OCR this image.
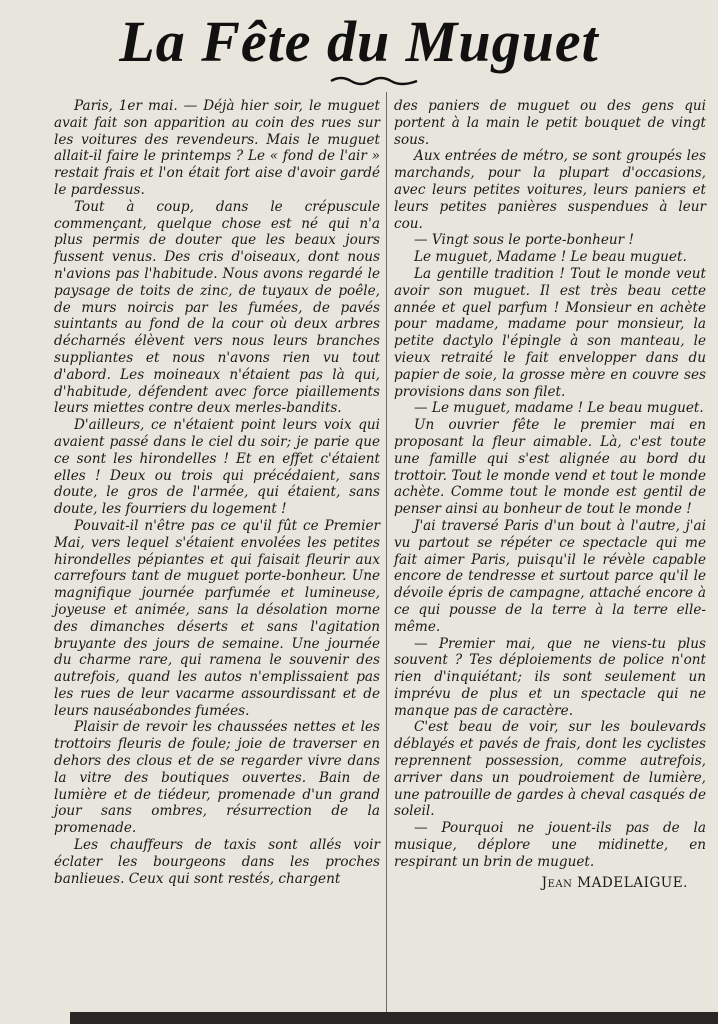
La Fête du Muguet

Paris, 1er mai. — Déjà hier soir, le muguet avait fait son apparition au coin des rues sur les voitures des revendeurs. Mais le muguet allait-il faire le printemps ? Le « fond de l'air » restait frais et l'on était fort aise d'avoir gardé le pardessus.

Tout à coup, dans le crépuscule commençant, quelque chose est né qui n'a plus permis de douter que les beaux jours fussent venus. Des cris d'oiseaux, dont nous n'avions pas l'habitude. Nous avons regardé le paysage de toits de zinc, de tuyaux de poêle, de murs noircis par les fumées, de pavés suintants au fond de la cour où deux arbres décharnés élèvent vers nous leurs branches suppliantes et nous n'avons rien vu tout d'abord. Les moineaux n'étaient pas là qui, d'habitude, défendent avec force piaillements leurs miettes contre deux merles-bandits.

D'ailleurs, ce n'étaient point leurs voix qui avaient passé dans le ciel du soir; je parie que ce sont les hirondelles ! Et en effet c'étaient elles ! Deux ou trois qui précédaient, sans doute, le gros de l'armée, qui étaient, sans doute, les fourriers du logement !

Pouvait-il n'être pas ce qu'il fût ce Premier Mai, vers lequel s'étaient envolées les petites hirondelles pépiantes et qui faisait fleurir aux carrefours tant de muguet porte-bonheur. Une magnifique journée parfumée et lumineuse, joyeuse et animée, sans la désolation morne des dimanches déserts et sans l'agitation bruyante des jours de semaine. Une journée du charme rare, qui ramena le souvenir des autrefois, quand les autos n'emplissaient pas les rues de leur vacarme assourdissant et de leurs nauséabondes fumées.

Plaisir de revoir les chaussées nettes et les trottoirs fleuris de foule; joie de traverser en dehors des clous et de se regarder vivre dans la vitre des boutiques ouvertes. Bain de lumière et de tiédeur, promenade d'un grand jour sans ombres, résurrection de la promenade.

Les chauffeurs de taxis sont allés voir éclater les bourgeons dans les proches banlieues. Ceux qui sont restés, chargent

des paniers de muguet ou des gens qui portent à la main le petit bouquet de vingt sous.

Aux entrées de métro, se sont groupés les marchands, pour la plupart d'occasions, avec leurs petites voitures, leurs paniers et leurs petites panières suspendues à leur cou.

— Vingt sous le porte-bonheur !

Le muguet, Madame ! Le beau muguet.

La gentille tradition ! Tout le monde veut avoir son muguet. Il est très beau cette année et quel parfum ! Monsieur en achète pour madame, madame pour monsieur, la petite dactylo l'épingle à son manteau, le vieux retraité le fait envelopper dans du papier de soie, la grosse mère en couvre ses provisions dans son filet.

— Le muguet, madame ! Le beau muguet.

Un ouvrier fête le premier mai en proposant la fleur aimable. Là, c'est toute une famille qui s'est alignée au bord du trottoir. Tout le monde vend et tout le monde achète. Comme tout le monde est gentil de penser ainsi au bonheur de tout le monde !

J'ai traversé Paris d'un bout à l'autre, j'ai vu partout se répéter ce spectacle qui me fait aimer Paris, puisqu'il le révèle capable encore de tendresse et surtout parce qu'il le dévoile épris de campagne, attaché encore à ce qui pousse de la terre à la terre elle-même.

— Premier mai, que ne viens-tu plus souvent ? Tes déploiements de police n'ont rien d'inquiétant; ils sont seulement un imprévu de plus et un spectacle qui ne manque pas de caractère.

C'est beau de voir, sur les boulevards déblayés et pavés de frais, dont les cyclistes reprennent possession, comme autrefois, arriver dans un poudroiement de lumière, une patrouille de gardes à cheval casqués de soleil.

— Pourquoi ne jouent-ils pas de la musique, déplore une midinette, en respirant un brin de muguet.

Jean MADELAIGUE.
